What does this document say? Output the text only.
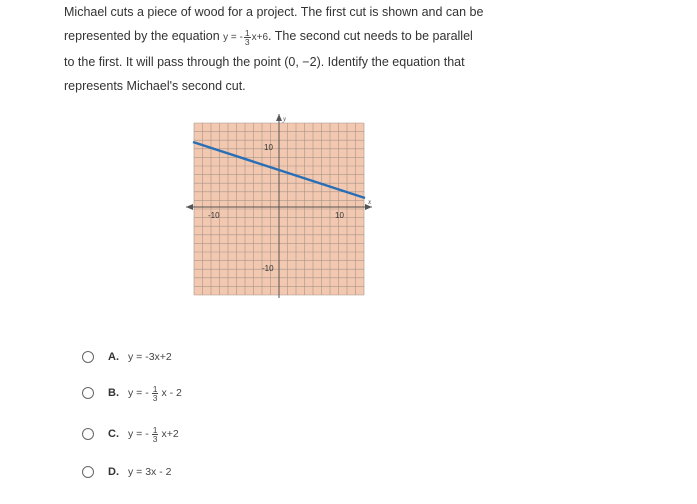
Michael cuts a piece of wood for a project. The first cut is shown and can be
represented by the equation y = - $\frac{1}{3} x+6$. The second cut needs to be parallel
to the first. It will pass through the point (0, −2). Identify the equation that
represents Michael's second cut.
y
x
-10	10
10
-10
A. y = -3x+2
B. y = - $\frac{1}{3}$ x - 2
C. y = - $\frac{1}{3} x+2$
D. y = 3x - 2
